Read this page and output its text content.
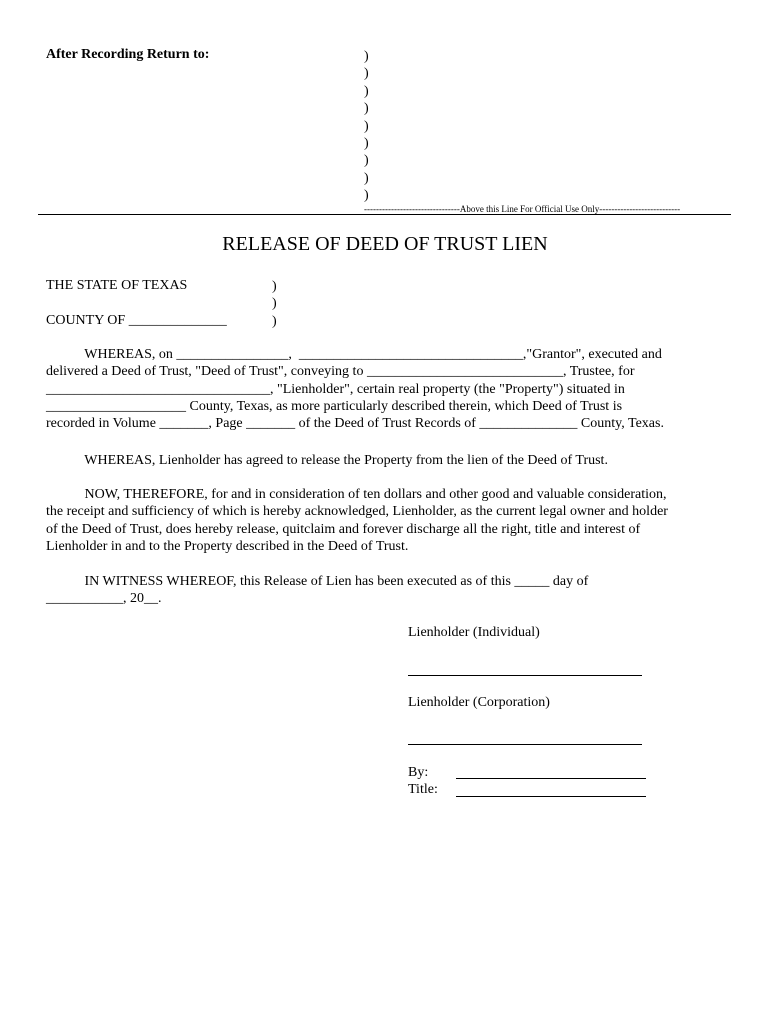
After Recording Return to:	)
)
)
)
)
)
)
)
)
--------------------------------Above this Line For Official Use Only---------------------------
RELEASE OF DEED OF TRUST LIEN
THE STATE OF TEXAS
COUNTY OF ______________
)
)
)
WHEREAS, on ________________,  ________________________________,"Grantor", executed and
delivered a Deed of Trust, "Deed of Trust", conveying to ____________________________, Trustee, for
________________________________, "Lienholder", certain real property (the "Property") situated in
____________________ County, Texas, as more particularly described therein, which Deed of Trust is
recorded in Volume _______, Page _______ of the Deed of Trust Records of ______________ County, Texas.
WHEREAS, Lienholder has agreed to release the Property from the lien of the Deed of Trust.
NOW, THEREFORE, for and in consideration of ten dollars and other good and valuable consideration,
the receipt and sufficiency of which is hereby acknowledged, Lienholder, as the current legal owner and holder
of the Deed of Trust, does hereby release, quitclaim and forever discharge all the right, title and interest of
Lienholder in and to the Property described in the Deed of Trust.
IN WITNESS WHEREOF, this Release of Lien has been executed as of this _____ day of
___________, 20__.
Lienholder (Individual)
Lienholder (Corporation)
By:
Title:
